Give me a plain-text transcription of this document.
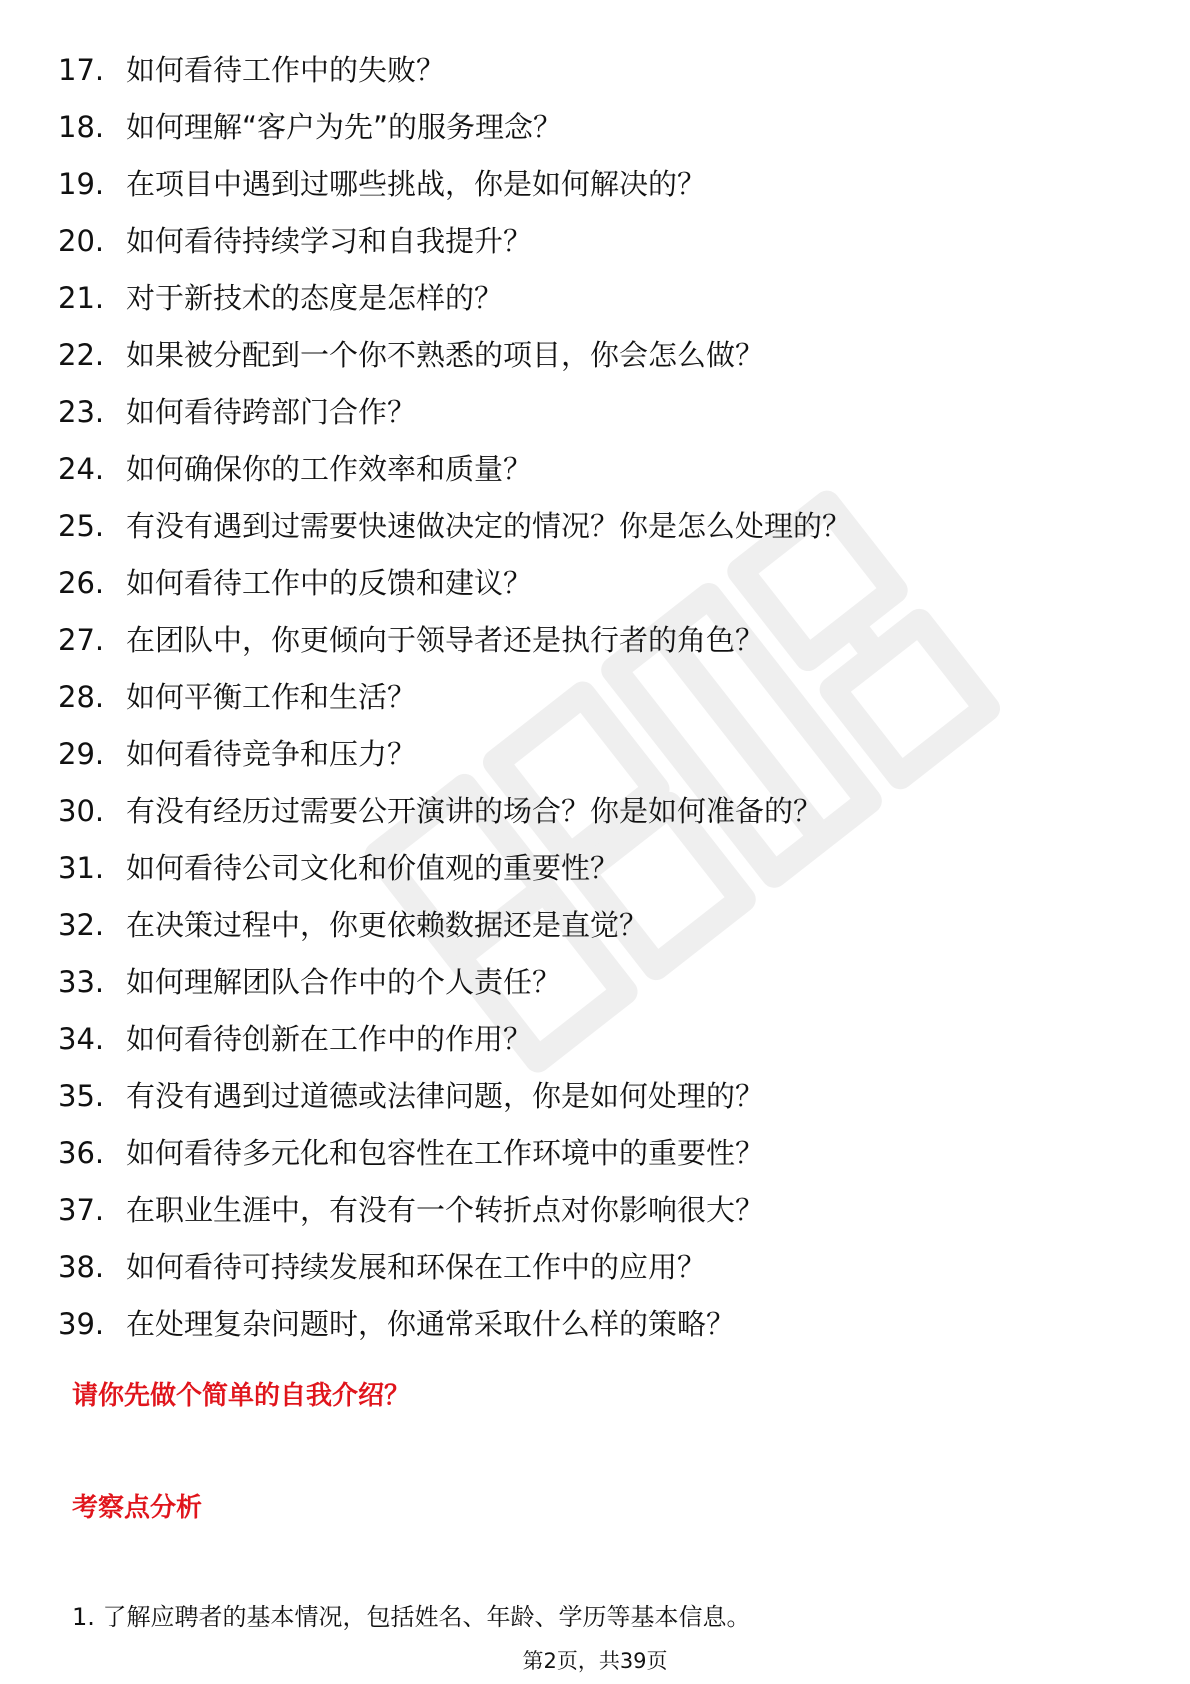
17. 如何看待工作中的失败？
18. 如何理解“客户为先”的服务理念？
19. 在项目中遇到过哪些挑战，你是如何解决的？
20. 如何看待持续学习和自我提升？
21. 对于新技术的态度是怎样的？
22. 如果被分配到一个你不熟悉的项目，你会怎么做？
23. 如何看待跨部门合作？
24. 如何确保你的工作效率和质量？
25. 有没有遇到过需要快速做决定的情况？你是怎么处理的？
26. 如何看待工作中的反馈和建议？
27. 在团队中，你更倾向于领导者还是执行者的角色？
28. 如何平衡工作和生活？
29. 如何看待竞争和压力？
30. 有没有经历过需要公开演讲的场合？你是如何准备的？
31. 如何看待公司文化和价值观的重要性？
32. 在决策过程中，你更依赖数据还是直觉？
33. 如何理解团队合作中的个人责任？
34. 如何看待创新在工作中的作用？
35. 有没有遇到过道德或法律问题，你是如何处理的？
36. 如何看待多元化和包容性在工作环境中的重要性？
37. 在职业生涯中，有没有一个转折点对你影响很大？
38. 如何看待可持续发展和环保在工作中的应用？
39. 在处理复杂问题时，你通常采取什么样的策略？
请你先做个简单的自我介绍？
考察点分析
1. 了解应聘者的基本情况，包括姓名、年龄、学历等基本信息。
第2页，共39页
